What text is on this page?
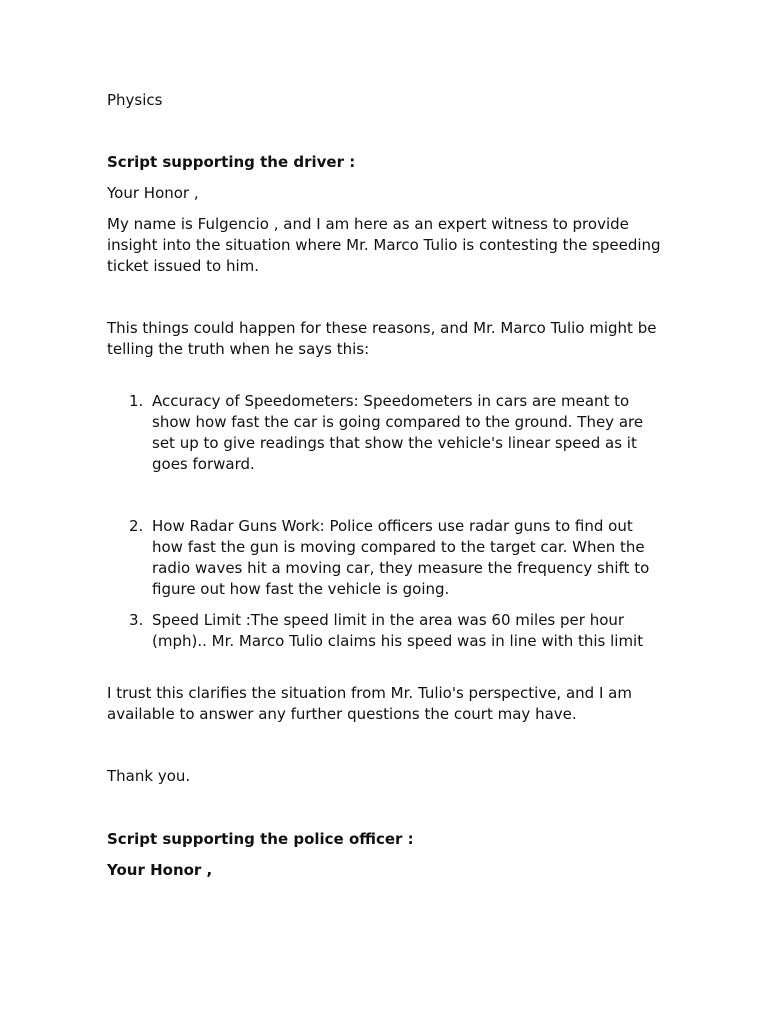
Physics

Script supporting the driver :

Your Honor ,

My name is Fulgencio , and I am here as an expert witness to provide insight into the situation where Mr. Marco Tulio is contesting the speeding ticket issued to him.

This things could happen for these reasons, and Mr. Marco Tulio might be telling the truth when he says this:

1. Accuracy of Speedometers: Speedometers in cars are meant to show how fast the car is going compared to the ground. They are set up to give readings that show the vehicle's linear speed as it goes forward.
2. How Radar Guns Work: Police officers use radar guns to find out how fast the gun is moving compared to the target car. When the radio waves hit a moving car, they measure the frequency shift to figure out how fast the vehicle is going.
3. Speed Limit :The speed limit in the area was 60 miles per hour (mph).. Mr. Marco Tulio claims his speed was in line with this limit

I trust this clarifies the situation from Mr. Tulio's perspective, and I am available to answer any further questions the court may have.

Thank you.

Script supporting the police officer :

Your Honor ,
